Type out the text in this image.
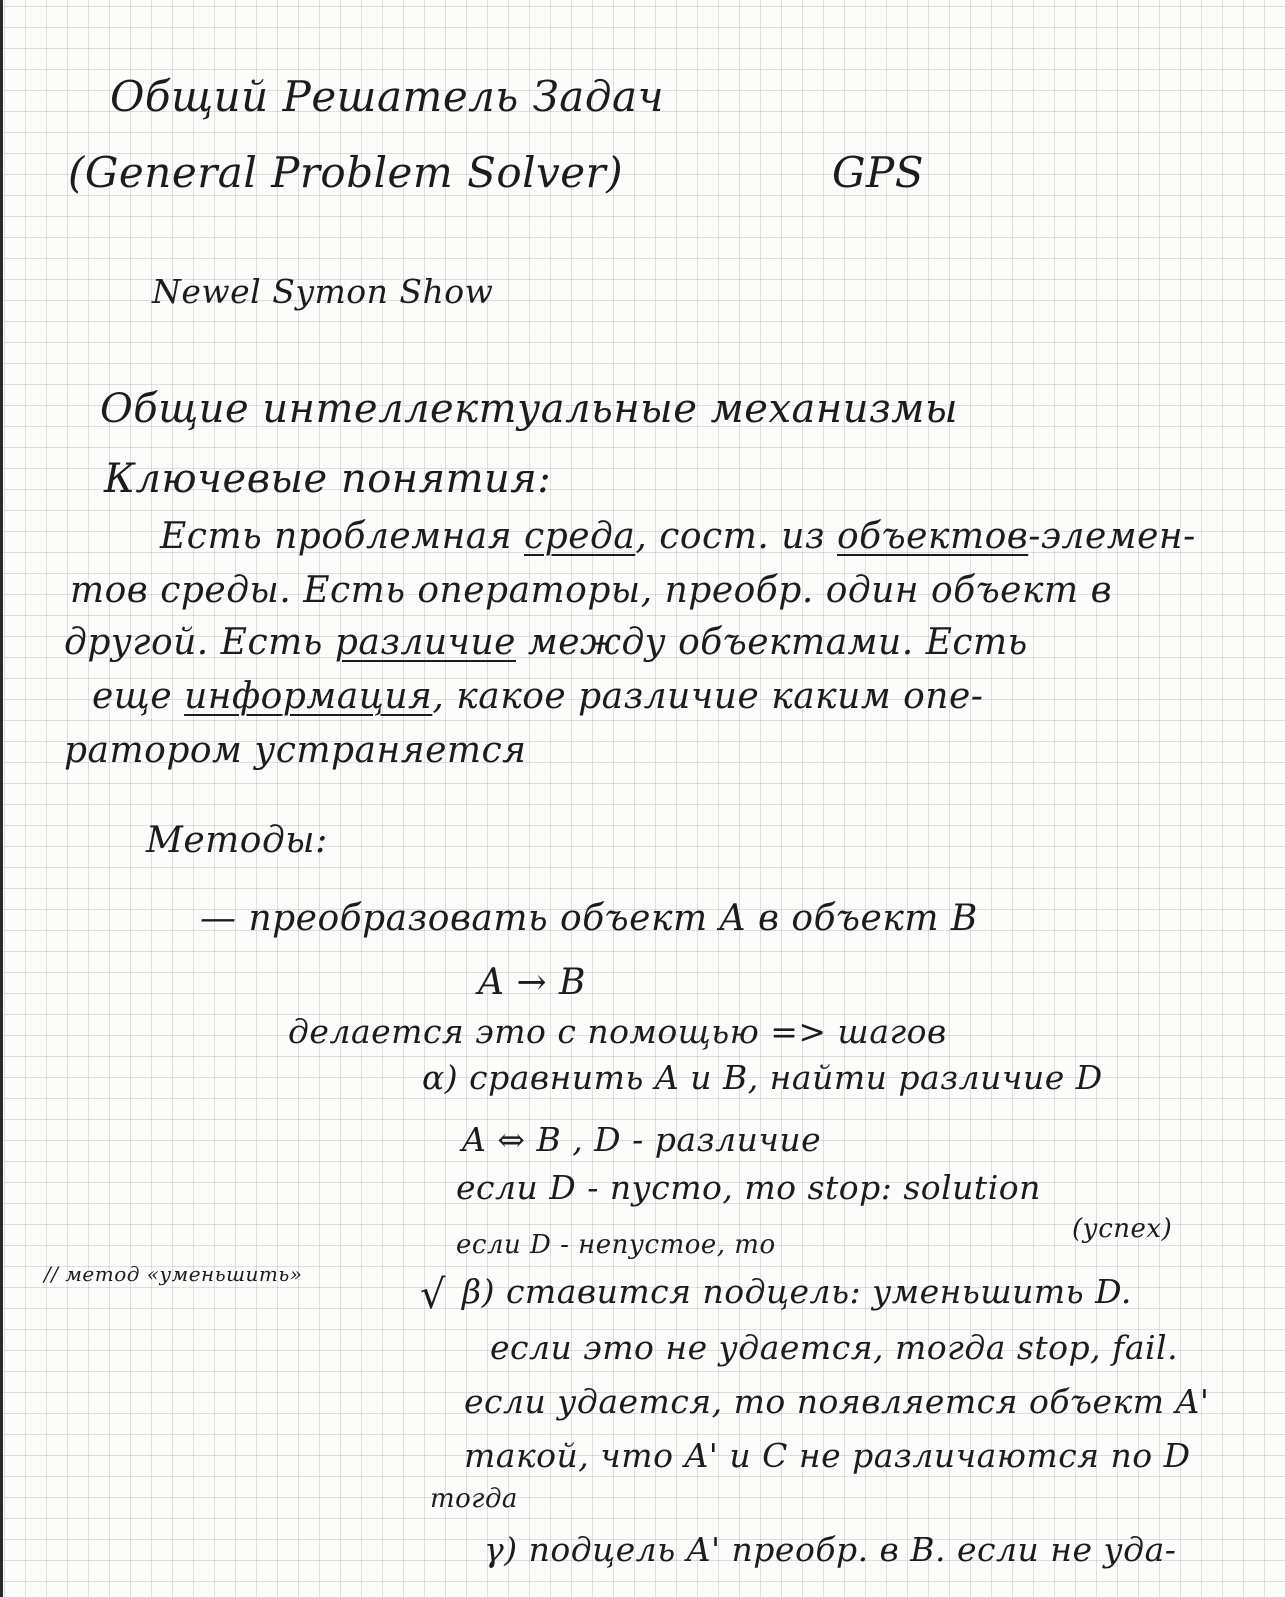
Общий Решатель Задач
(General Problem Solver)	GPS
Newel Symon Show
Общие интеллектуальные механизмы
Ключевые понятия:
Есть проблемная среда, сост. из объектов-элемен-
тов среды. Есть операторы, преобр. один объект в
другой. Есть различие между объектами. Есть
еще информация, какое различие каким опе-
ратором устраняется
Методы:
— преобразовать объект A в объект B
A → B
делается это с помощью => шагов
α) сравнить A и B, найти различие D
A ⇔ B , D - различие
если D - пусто, то stop: solution
(успех)
если D - непустое, то
// метод «уменьшить»	√ β) ставится подцель: уменьшить D.
если это не удается, тогда stop, fail.
если удается, то появляется объект A'
такой, что A' и C не различаются по D
тогда
γ) подцель A' преобр. в B. если не уда-
